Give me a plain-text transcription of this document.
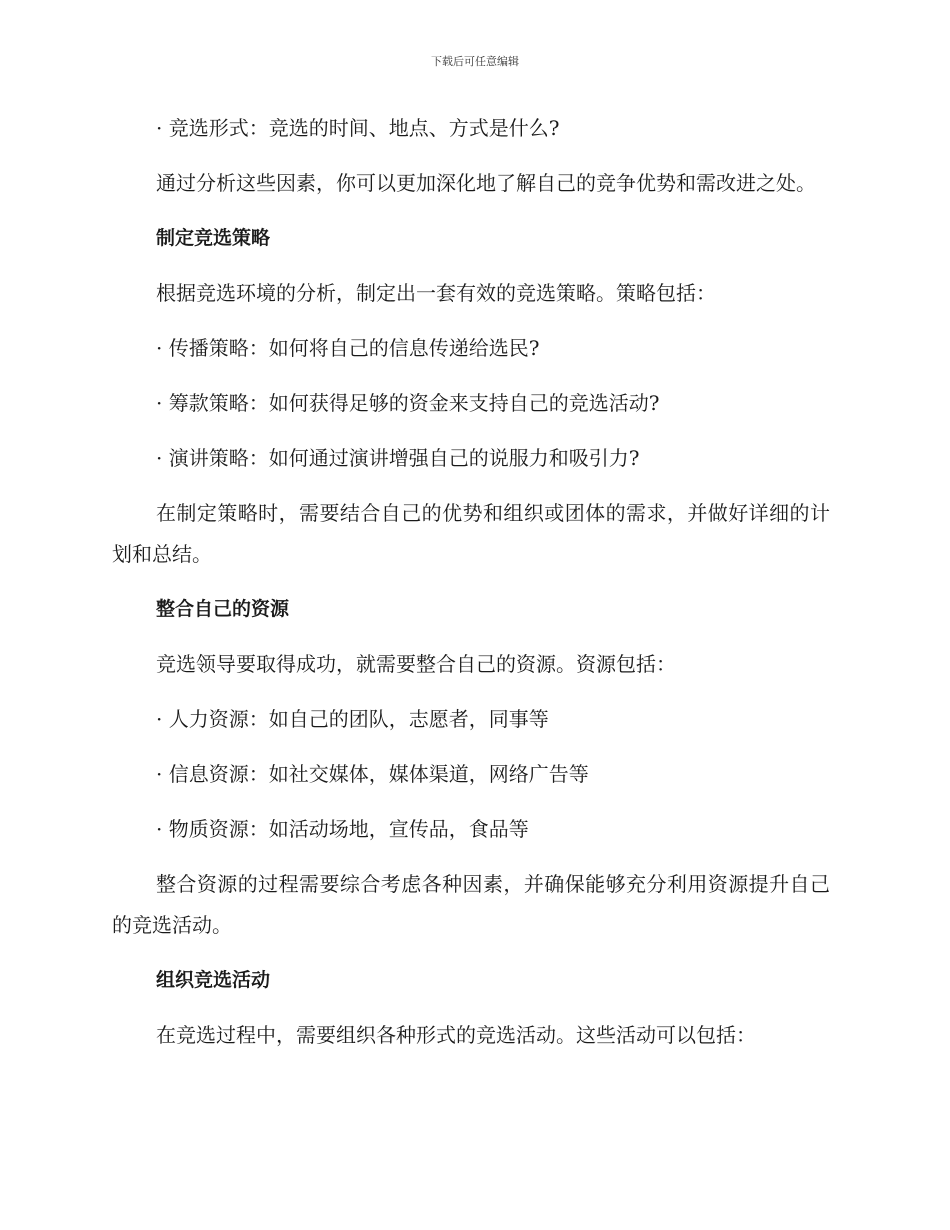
下载后可任意编辑

· 竞选形式：竞选的时间、地点、方式是什么?

通过分析这些因素，你可以更加深化地了解自己的竞争优势和需改进之处。

制定竞选策略

根据竞选环境的分析，制定出一套有效的竞选策略。策略包括：

· 传播策略：如何将自己的信息传递给选民?

· 筹款策略：如何获得足够的资金来支持自己的竞选活动?

· 演讲策略：如何通过演讲增强自己的说服力和吸引力?

在制定策略时，需要结合自己的优势和组织或团体的需求，并做好详细的计划和总结。

整合自己的资源

竞选领导要取得成功，就需要整合自己的资源。资源包括：

· 人力资源：如自己的团队，志愿者，同事等

· 信息资源：如社交媒体，媒体渠道，网络广告等

· 物质资源：如活动场地，宣传品，食品等

整合资源的过程需要综合考虑各种因素，并确保能够充分利用资源提升自己的竞选活动。

组织竞选活动

在竞选过程中，需要组织各种形式的竞选活动。这些活动可以包括：
